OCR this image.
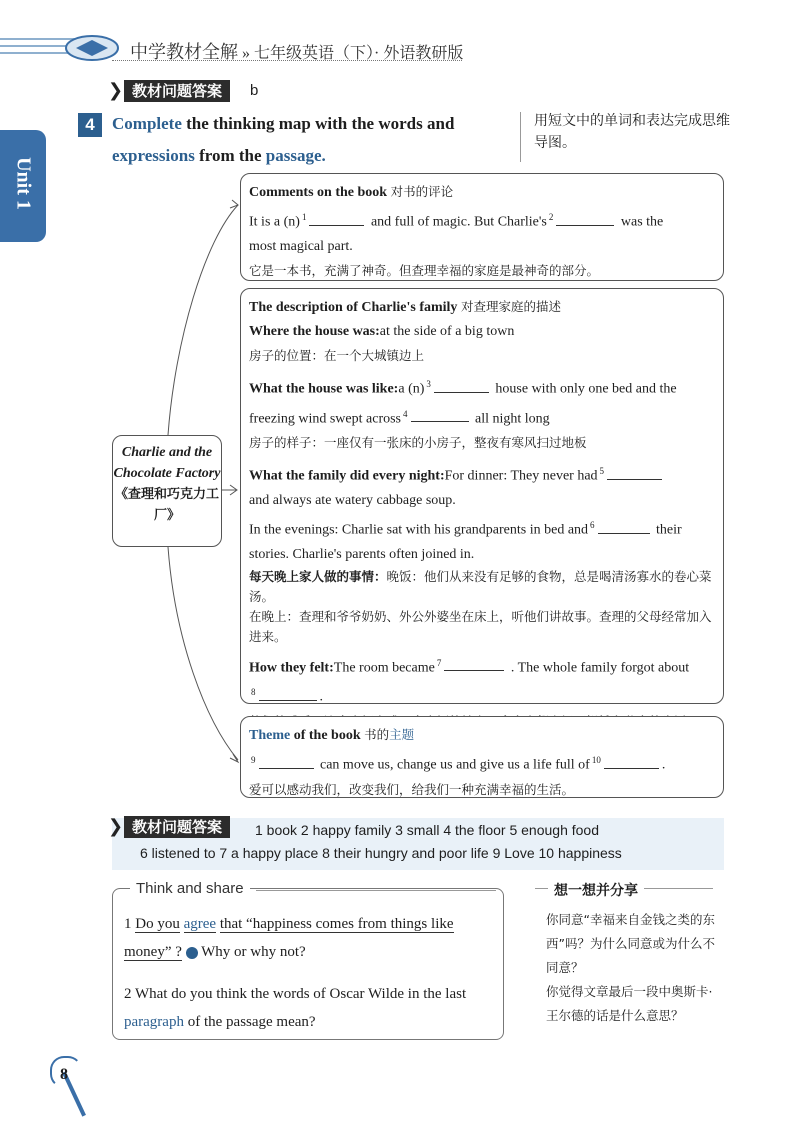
中学教材全解 » 七年级英语（下）· 外语教研版
❯ 教材问题答案	b
Unit 1
4	Complete the thinking map with the words and expressions from the passage.
用短文中的单词和表达完成思维导图。
Charlie and the Chocolate Factory
《查理和巧克力工厂》
Comments on the book 对书的评论
It is a (n) $^1$	and full of magic. But Charlie's $^2$	was the
most magical part.
它是一本书，充满了神奇。但查理幸福的家庭是最神奇的部分。
The description of Charlie's family 对查理家庭的描述
Where the house was:at the side of a big town
房子的位置：在一个大城镇边上
What the house was like:a (n) $^3$	house with only one bed and the
freezing wind swept across $^4$	all night long
房子的样子：一座仅有一张床的小房子，整夜有寒风扫过地板
What the family did every night:For dinner: They never had $^5$
and always ate watery cabbage soup.
In the evenings: Charlie sat with his grandparents in bed and $^6$	their
stories. Charlie's parents often joined in.
每天晚上家人做的事情：晚饭：他们从来没有足够的食物，总是喝清汤寡水的卷心菜汤。
在晚上：查理和爷爷奶奶、外公外婆坐在床上，听他们讲故事。查理的父母经常加入进来。
How they felt:The room became $^7$	. The whole family forgot about
$^8$	.
Theme of the book 书的主题
$^9$	can move us, change us and give us a life full of $^{10}$	.
爱可以感动我们，改变我们，给我们一种充满幸福的生活。
❯ 教材问题答案	1 book 2 happy family 3 small 4 the floor 5 enough food
6 listened to 7 a happy place 8 their hungry and poor life 9 Love 10 happiness
Think and share
1 Do you agree that “happiness comes from things like money” ? Why or why not?
2 What do you think the words of Oscar Wilde in the last paragraph of the passage mean?
想一想并分享
你同意“幸福来自金钱之类的东西”吗？为什么同意或为什么不同意？
你觉得文章最后一段中奥斯卡·王尔德的话是什么意思？
8
